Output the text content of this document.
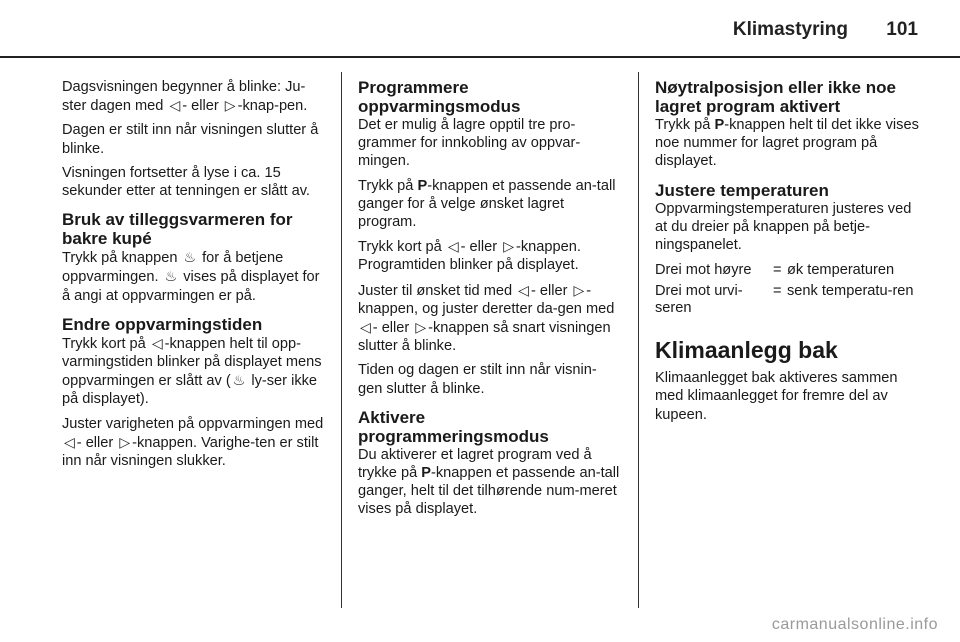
Klimastyring 101

Dagsvisningen begynner å blinke: Ju-ster dagen med ◁ - eller ▷ -knap-pen.

Dagen er stilt inn når visningen slutter å blinke.

Visningen fortsetter å lyse i ca. 15 sekunder etter at tenningen er slått av.

Bruk av tilleggsvarmeren for bakre kupé

Trykk på knappen ♨ for å betjene oppvarmingen. ♨ vises på displayet for å angi at oppvarmingen er på.

Endre oppvarmingstiden

Trykk kort på ◁ -knappen helt til opp-varmingstiden blinker på displayet mens oppvarmingen er slått av ( ♨ ly-ser ikke på displayet).

Juster varigheten på oppvarmingen med ◁ - eller ▷ -knappen. Varighe-ten er stilt inn når visningen slukker.

Programmere oppvarmingsmodus

Det er mulig å lagre opptil tre pro-grammer for innkobling av oppvar-mingen.

Trykk på P-knappen et passende an-tall ganger for å velge ønsket lagret program.

Trykk kort på ◁ - eller ▷ -knappen. Programtiden blinker på displayet.

Juster til ønsket tid med ◁ - eller ▷ -knappen, og juster deretter da-gen med ◁ - eller ▷ -knappen så snart visningen slutter å blinke.

Tiden og dagen er stilt inn når visnin-gen slutter å blinke.

Aktivere programmeringsmodus

Du aktiverer et lagret program ved å trykke på P-knappen et passende an-tall ganger, helt til det tilhørende num-meret vises på displayet.

Nøytralposisjon eller ikke noe lagret program aktivert

Trykk på P-knappen helt til det ikke vises noe nummer for lagret program på displayet.

Justere temperaturen

Oppvarmingstemperaturen justeres ved at du dreier på knappen på betje-ningspanelet.

Drei mot høyre	=	øk temperaturen
Drei mot urvi-seren	=	senk temperatu-ren
Klimaanlegg bak

Klimaanlegget bak aktiveres sammen med klimaanlegget for fremre del av kupeen.

carmanualsonline.info
